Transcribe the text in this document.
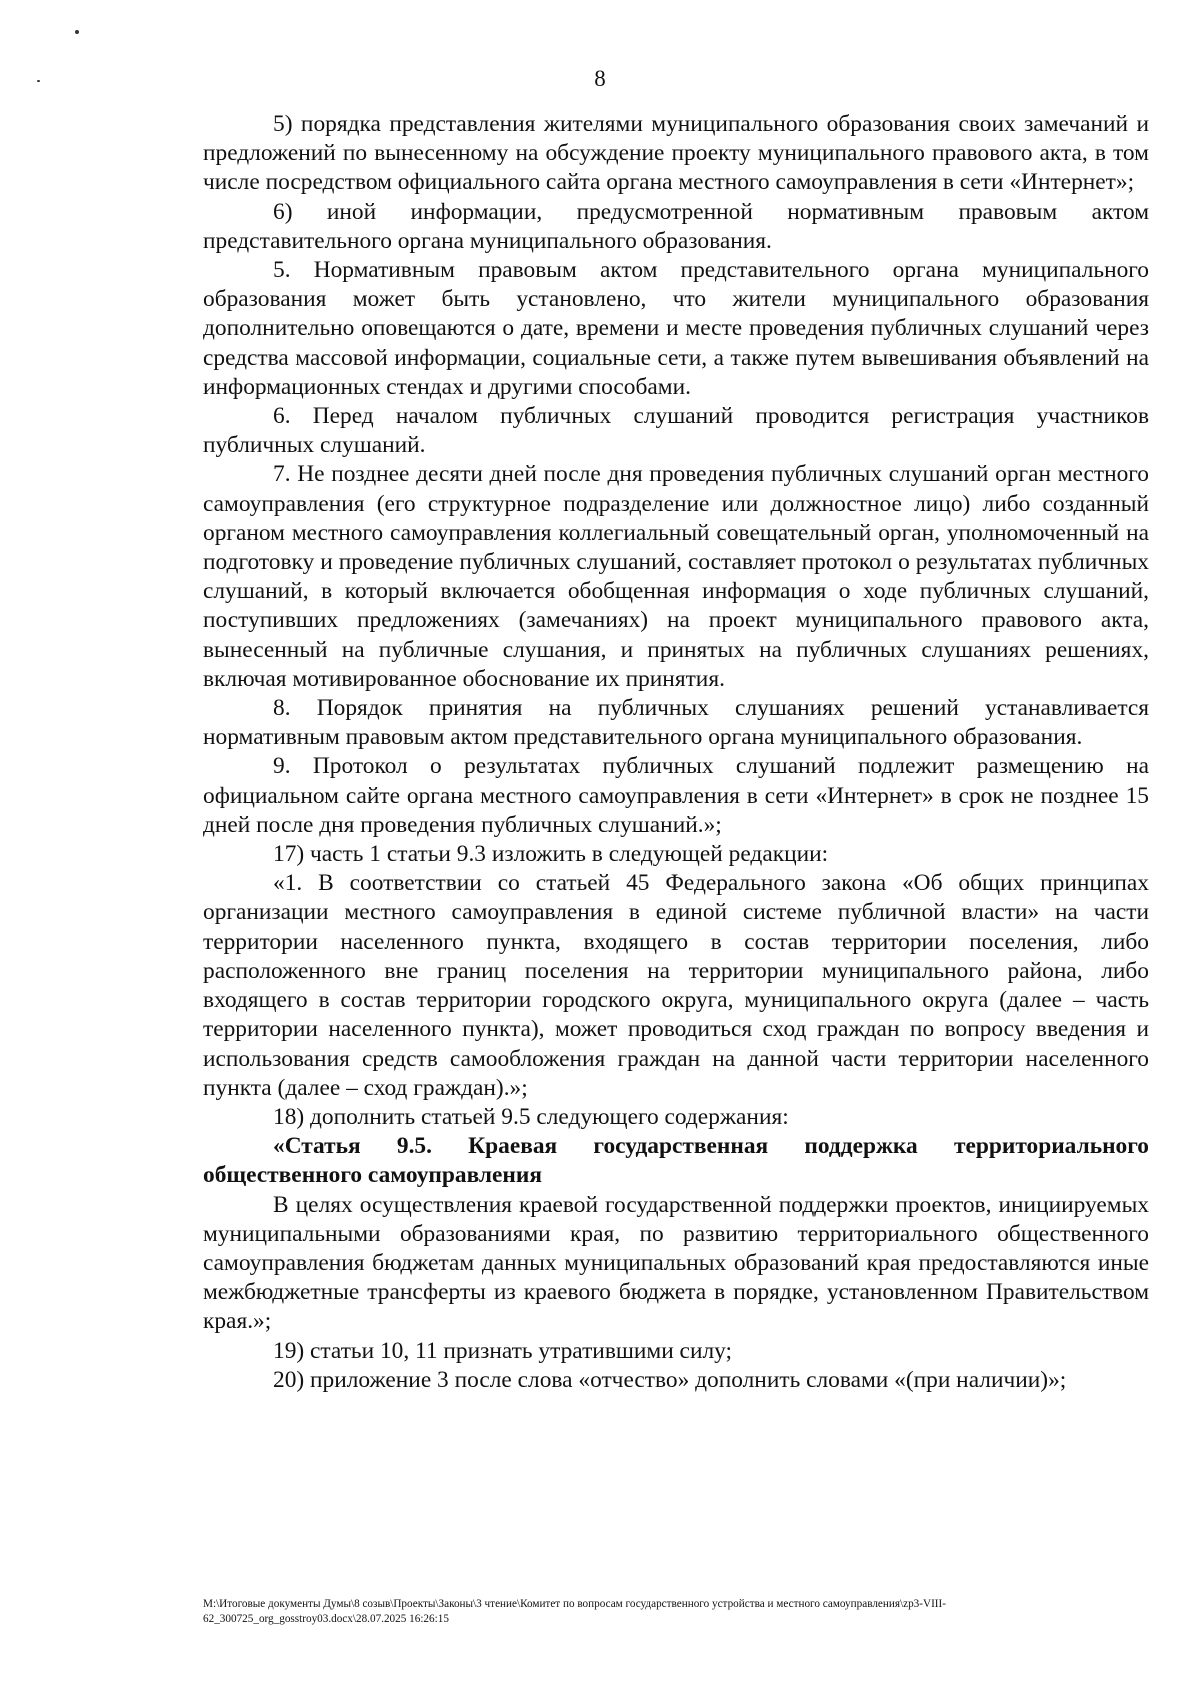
8

5) порядка представления жителями муниципального образования своих замечаний и предложений по вынесенному на обсуждение проекту муниципального правового акта, в том числе посредством официального сайта органа местного самоуправления в сети «Интернет»;

6) иной информации, предусмотренной нормативным правовым актом представительного органа муниципального образования.

5. Нормативным правовым актом представительного органа муниципального образования может быть установлено, что жители муниципального образования дополнительно оповещаются о дате, времени и месте проведения публичных слушаний через средства массовой информации, социальные сети, а также путем вывешивания объявлений на информационных стендах и другими способами.

6. Перед началом публичных слушаний проводится регистрация участников публичных слушаний.

7. Не позднее десяти дней после дня проведения публичных слушаний орган местного самоуправления (его структурное подразделение или должностное лицо) либо созданный органом местного самоуправления коллегиальный совещательный орган, уполномоченный на подготовку и проведение публичных слушаний, составляет протокол о результатах публичных слушаний, в который включается обобщенная информация о ходе публичных слушаний, поступивших предложениях (замечаниях) на проект муниципального правового акта, вынесенный на публичные слушания, и принятых на публичных слушаниях решениях, включая мотивированное обоснование их принятия.

8. Порядок принятия на публичных слушаниях решений устанавливается нормативным правовым актом представительного органа муниципального образования.

9. Протокол о результатах публичных слушаний подлежит размещению на официальном сайте органа местного самоуправления в сети «Интернет» в срок не позднее 15 дней после дня проведения публичных слушаний.»;

17) часть 1 статьи 9.3 изложить в следующей редакции:

«1. В соответствии со статьей 45 Федерального закона «Об общих принципах организации местного самоуправления в единой системе публичной власти» на части территории населенного пункта, входящего в состав территории поселения, либо расположенного вне границ поселения на территории муниципального района, либо входящего в состав территории городского округа, муниципального округа (далее – часть территории населенного пункта), может проводиться сход граждан по вопросу введения и использования средств самообложения граждан на данной части территории населенного пункта (далее – сход граждан).»;

18) дополнить статьей 9.5 следующего содержания:

«Статья 9.5. Краевая государственная поддержка территориального общественного самоуправления

В целях осуществления краевой государственной поддержки проектов, инициируемых муниципальными образованиями края, по развитию территориального общественного самоуправления бюджетам данных муниципальных образований края предоставляются иные межбюджетные трансферты из краевого бюджета в порядке, установленном Правительством края.»;

19) статьи 10, 11 признать утратившими силу;

20) приложение 3 после слова «отчество» дополнить словами «(при наличии)»;

М:\Итоговые документы Думы\8 созыв\Проекты\Законы\3 чтение\Комитет по вопросам государственного устройства и местного самоуправления\zp3-VIII-62_300725_org_gosstroy03.docx\28.07.2025 16:26:15
